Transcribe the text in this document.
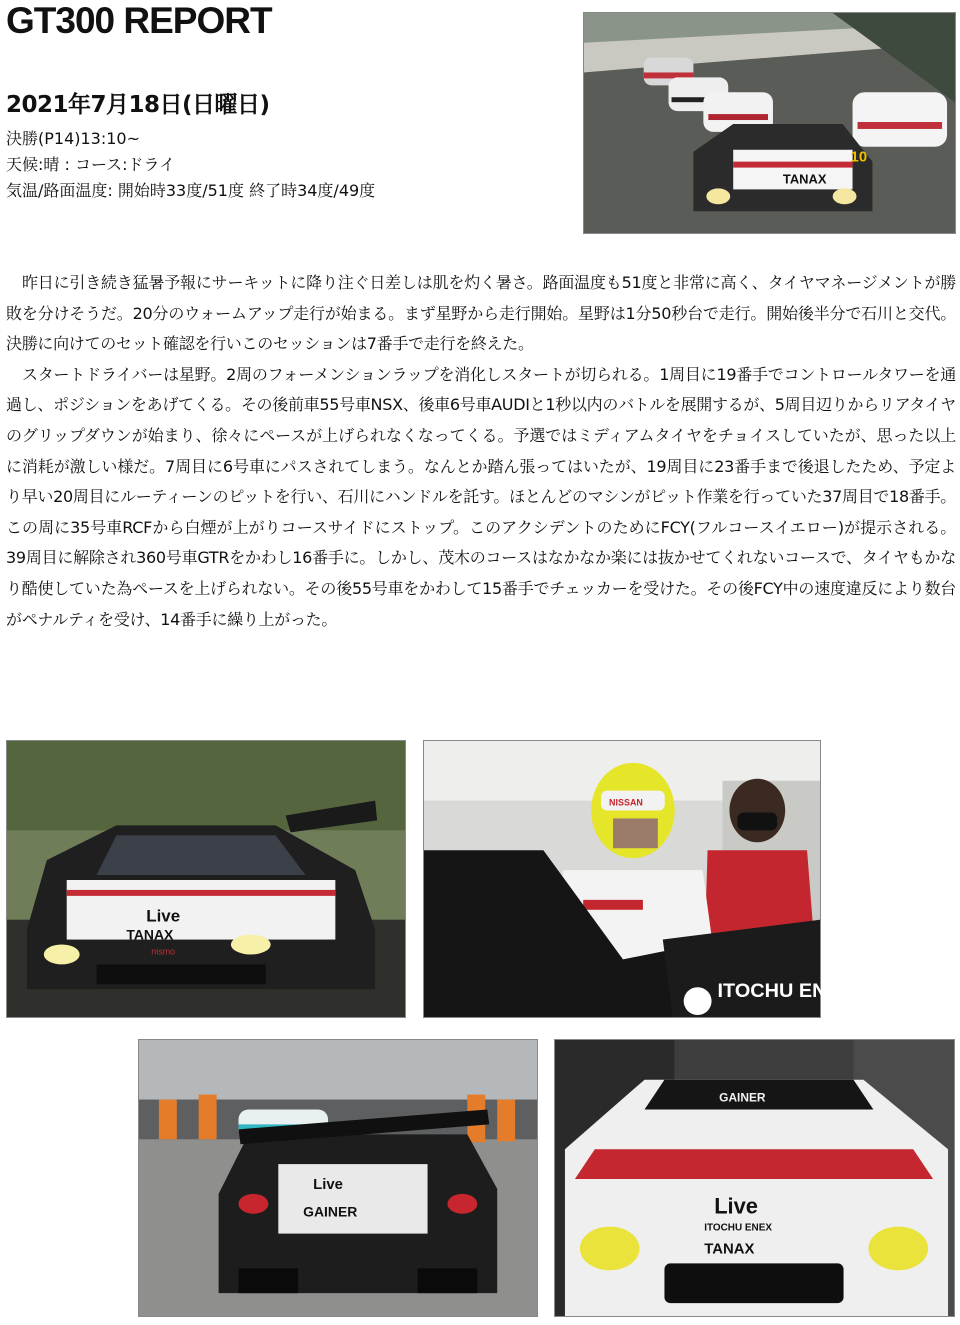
GT300 REPORT
2021年7月18日(日曜日)
決勝(P14)13:10~
天候:晴 : コース:ドライ
気温/路面温度: 開始時33度/51度 終了時34度/49度
TANAX
10

昨日に引き続き猛暑予報にサーキットに降り注ぐ日差しは肌を灼く暑さ。路面温度も51度と非常に高く、タイヤマネージメントが勝敗を分けそうだ。20分のウォームアップ走行が始まる。まず星野から走行開始。星野は1分50秒台で走行。開始後半分で石川と交代。決勝に向けてのセット確認を行いこのセッションは7番手で走行を終えた。

スタートドライバーは星野。2周のフォーメンションラップを消化しスタートが切られる。1周目に19番手でコントロールタワーを通過し、ポジションをあげてくる。その後前車55号車NSX、後車6号車AUDIと1秒以内のバトルを展開するが、5周目辺りからリアタイヤのグリップダウンが始まり、徐々にペースが上げられなくなってくる。予選ではミディアムタイヤをチョイスしていたが、思った以上に消耗が激しい様だ。7周目に6号車にパスされてしまう。なんとか踏ん張ってはいたが、19周目に23番手まで後退したため、予定より早い20周目にルーティーンのピットを行い、石川にハンドルを託す。ほとんどのマシンがピット作業を行っていた37周目で18番手。この周に35号車RCFから白煙が上がりコースサイドにストップ。このアクシデントのためにFCY(フルコースイエロー)が提示される。39周目に解除され360号車GTRをかわし16番手に。しかし、茂木のコースはなかなか楽には抜かせてくれないコースで、タイヤもかなり酷使していた為ペースを上げられない。その後55号車をかわして15番手でチェッカーを受けた。その後FCY中の速度違反により数台がペナルティを受け、14番手に繰り上がった。

Live
TANAX
nismo
NISSAN
ITOCHU ENEX
Live
GAINER
GAINER
Live
ITOCHU ENEX
TANAX
